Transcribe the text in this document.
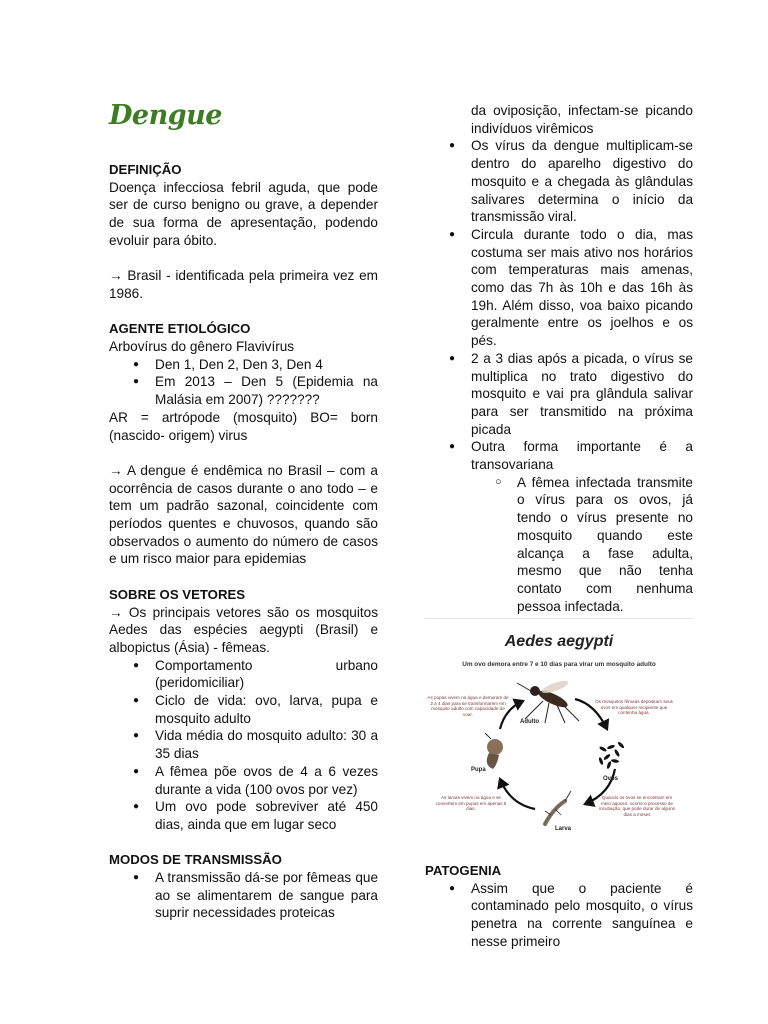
Dengue

DEFINIÇÃO

Doença infecciosa febril aguda, que pode ser de curso benigno ou grave, a depender de sua forma de apresentação, podendo evoluir para óbito.

→ Brasil - identificada pela primeira vez em 1986.

AGENTE ETIOLÓGICO

Arbovírus do gênero Flavivírus

● Den 1, Den 2, Den 3, Den 4
● Em 2013 – Den 5 (Epidemia na Malásia em 2007) ???????

AR = artrópode (mosquito) BO= born (nascido- origem) virus

→ A dengue é endêmica no Brasil – com a ocorrência de casos durante o ano todo – e tem um padrão sazonal, coincidente com períodos quentes e chuvosos, quando são observados o aumento do número de casos e um risco maior para epidemias

SOBRE OS VETORES

→ Os principais vetores são os mosquitos Aedes das espécies aegypti (Brasil) e albopictus (Ásia) - fêmeas.

● Comportamento urbano (peridomiciliar)
● Ciclo de vida: ovo, larva, pupa e mosquito adulto
● Vida média do mosquito adulto: 30 a 35 dias
● A fêmea põe ovos de 4 a 6 vezes durante a vida (100 ovos por vez)
● Um ovo pode sobreviver até 450 dias, ainda que em lugar seco

MODOS DE TRANSMISSÃO

● A transmissão dá-se por fêmeas que ao se alimentarem de sangue para suprir necessidades proteicas
da oviposição, infectam-se picando indivíduos virêmicos
● Os vírus da dengue multiplicam-se dentro do aparelho digestivo do mosquito e a chegada às glândulas salivares determina o início da transmissão viral.
● Circula durante todo o dia, mas costuma ser mais ativo nos horários com temperaturas mais amenas, como das 7h às 10h e das 16h às 19h. Além disso, voa baixo picando geralmente entre os joelhos e os pés.
● 2 a 3 dias após a picada, o vírus se multiplica no trato digestivo do mosquito e vai pra glândula salivar para ser transmitido na próxima picada
● Outra forma importante é a transovariana
○ A fêmea infectada transmite o vírus para os ovos, já tendo o vírus presente no mosquito quando este alcança a fase adulta, mesmo que não tenha contato com nenhuma pessoa infectada.
Aedes aegypti
Um ovo demora entre 7 e 10 dias para virar um mosquito adulto
Adulto
Ovos
Larva
Pupa
As pupas vivem na água e demoram de 2 a 4 dias para se transformarem em mosquito adulto com capacidade de voar.
Os mosquitos fêmeas depositam seus ovos em qualquer recipiente que contenha água.
Quando os ovos se encontram em meio aquoso, ocorre o processo de incubação, que pode durar de alguns dias a meses
As larvas vivem na água e se convertem em pupas em apenas 5 dias.

PATOGENIA

● Assim que o paciente é contaminado pelo mosquito, o vírus penetra na corrente sanguínea e nesse primeiro
